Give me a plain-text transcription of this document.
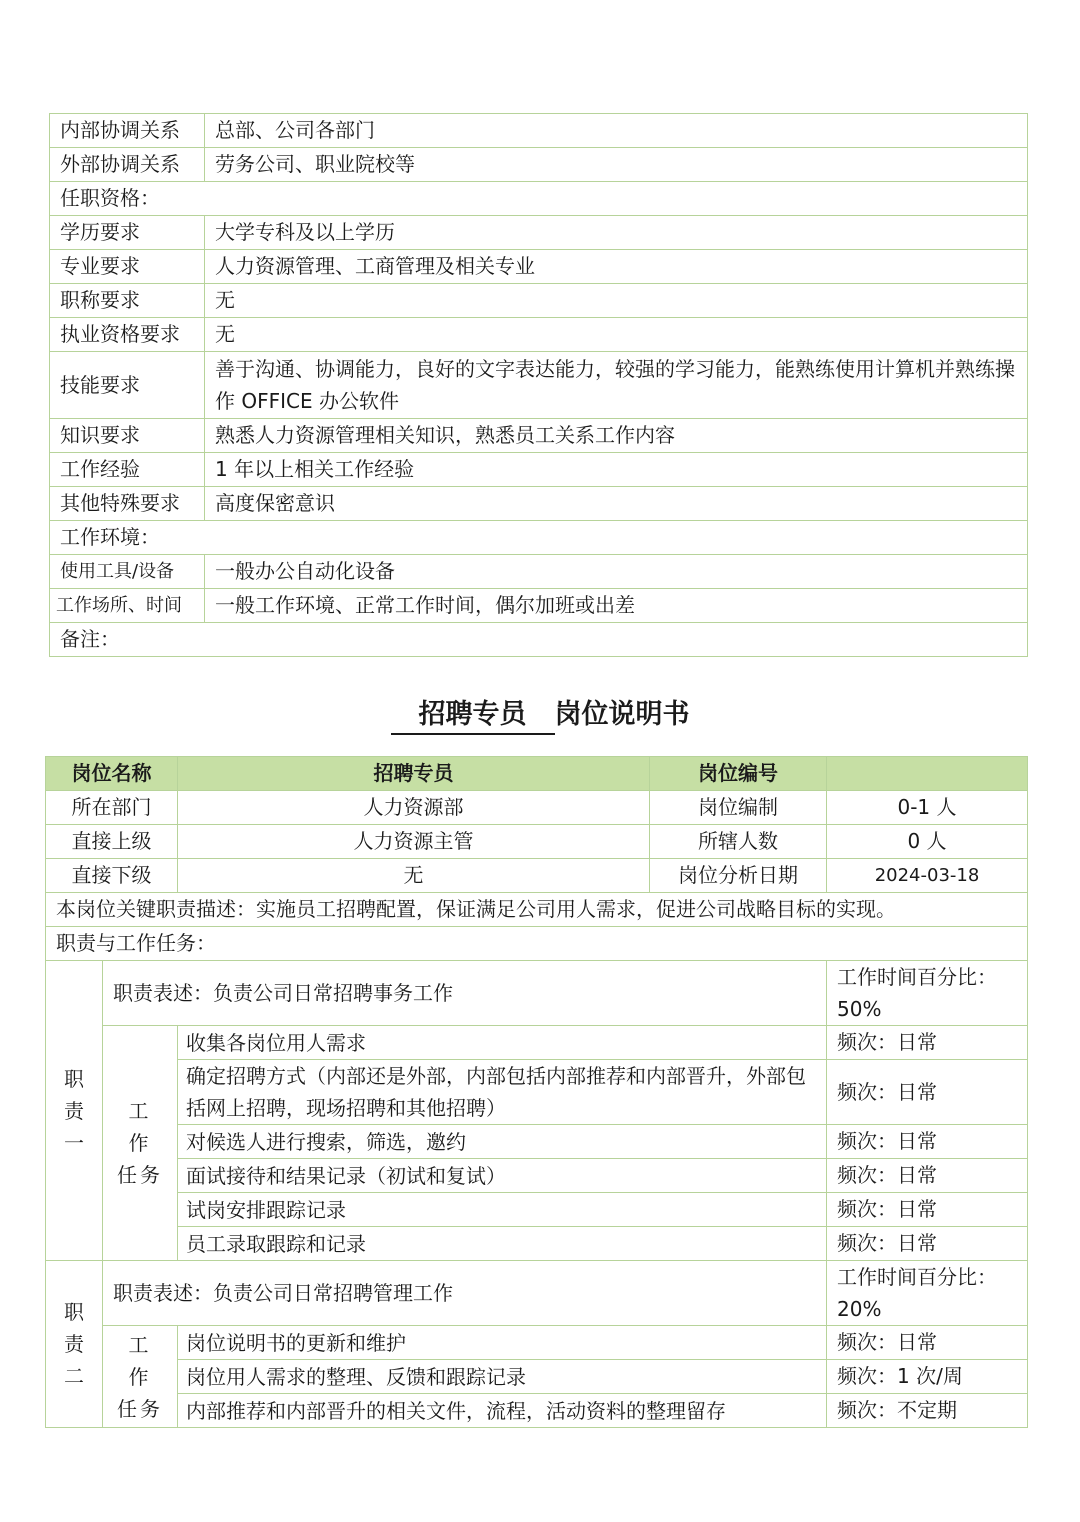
内部协调关系	总部、公司各部门
外部协调关系	劳务公司、职业院校等
任职资格：	
学历要求	大学专科及以上学历
专业要求	人力资源管理、工商管理及相关专业
职称要求	无
执业资格要求	无
技能要求	善于沟通、协调能力，良好的文字表达能力，较强的学习能力，能熟练使用计算机并熟练操作 OFFICE 办公软件
知识要求	熟悉人力资源管理相关知识，熟悉员工关系工作内容
工作经验	1 年以上相关工作经验
其他特殊要求	高度保密意识
工作环境：	
使用工具/设备	一般办公自动化设备
工作场所、时间	一般工作环境、正常工作时间，偶尔加班或出差
备注：	
招聘专员 岗位说明书
岗位名称		招聘专员	岗位编号	
所在部门		人力资源部	岗位编制	0-1 人
直接上级		人力资源主管	所辖人数	0 人
直接下级		无	岗位分析日期	2024-03-18
本岗位关键职责描述：实施员工招聘配置，保证满足公司用人需求，促进公司战略目标的实现。				
职责与工作任务：				
职责一	职责表述：负责公司日常招聘事务工作			工作时间百分比：50%
	工 作 任务	收集各岗位用人需求		频次：日常
		确定招聘方式（内部还是外部，内部包括内部推荐和内部晋升，外部包括网上招聘，现场招聘和其他招聘）		频次：日常

		对候选人进行搜索，筛选，邀约		频次：日常
		面试接待和结果记录（初试和复试）		频次：日常
		试岗安排跟踪记录		频次：日常
		员工录取跟踪和记录		频次：日常
职责二	职责表述：负责公司日常招聘管理工作			工作时间百分比：20%
	工 作 任务	岗位说明书的更新和维护		频次：日常
		岗位用人需求的整理、反馈和跟踪记录		频次：1 次/周
		内部推荐和内部晋升的相关文件，流程，活动资料的整理留存		频次：不定期
